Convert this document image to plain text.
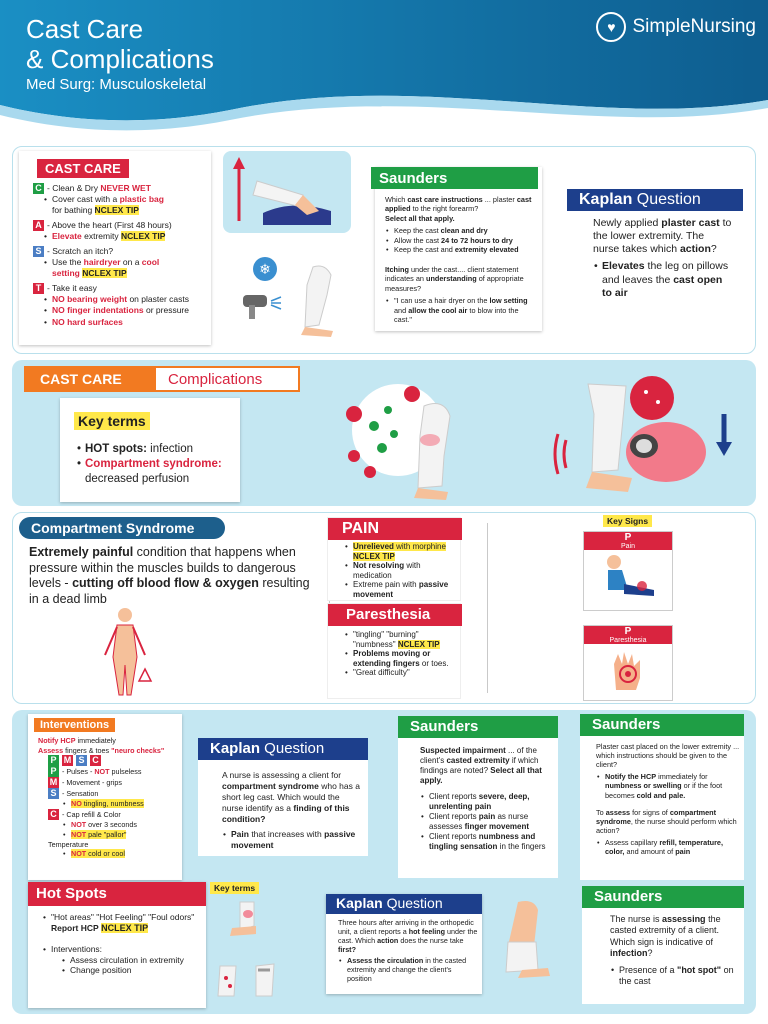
Cast Care
& Complications
Med Surg: Musculoskeletal
♥ SimpleNursing
CAST CARE
C - Clean & Dry NEVER WET
• Cover cast with a plastic bag
for bathing NCLEX TIP
A - Above the heart (First 48 hours)
• Elevate extremity NCLEX TIP
S - Scratch an itch?
• Use the hairdryer on a cool
setting NCLEX TIP
T - Take it easy
• NO bearing weight on plaster casts
• NO finger indentations or pressure
• NO hard surfaces
❄
Saunders
Which cast care instructions ... plaster cast applied to the right forearm?
Select all that apply.
• Keep the cast clean and dry
• Allow the cast 24 to 72 hours to dry
• Keep the cast and extremity elevated
Itching under the cast.... client statement indicates an understanding of appropriate measures?
• "I can use a hair dryer on the low setting and allow the cool air to blow into the cast."
Kaplan Question
Newly applied plaster cast to the lower extremity. The nurse takes which action?
• Elevates the leg on pillows and leaves the cast open to air
CAST CARE	Complications
Key terms
• HOT spots: infection
• Compartment syndrome: decreased perfusion
Compartment Syndrome
Extremely painful condition that happens when pressure within the muscles builds to dangerous levels - cutting off blood flow & oxygen resulting in a dead limb
PAIN
• Unrelieved with morphine NCLEX TIP
• Not resolving with medication
• Extreme pain with passive movement
Paresthesia
• "tingling" "burning" "numbness" NCLEX TIP
• Problems moving or extending fingers or toes.
• "Great difficulty"
Key Signs
P
Pain
P
Paresthesia
Interventions
Notify HCP immediately
Assess fingers & toes "neuro checks"
P M S C
P - Pulses - NOT pulseless
M - Movement - grips
S - Sensation
• NO tingling, numbness
C - Cap refill & Color
• NOT over 3 seconds
• NOT pale "pallor"
Temperature
• NOT cold or cool
Kaplan Question
A nurse is assessing a client for compartment syndrome who has a short leg cast. Which would the nurse identify as a finding of this condition?
• Pain that increases with passive movement
Saunders
Suspected impairment ... of the client's casted extremity if which findings are noted? Select all that apply.
• Client reports severe, deep, unrelenting pain
• Client reports pain as nurse assesses finger movement
• Client reports numbness and tingling sensation in the fingers
Saunders
Plaster cast placed on the lower extremity ... which instructions should be given to the client?
• Notify the HCP immediately for numbness or swelling or if the foot becomes cold and pale.
To assess for signs of compartment syndrome, the nurse should perform which action?
• Assess capillary refill, temperature, color, and amount of pain
Hot Spots
• "Hot areas" "Hot Feeling" "Foul odors"
Report HCP NCLEX TIP
• Interventions:
• Assess circulation in extremity
• Change position
Key terms
Kaplan Question
Three hours after arriving in the orthopedic unit, a client reports a hot feeling under the cast. Which action does the nurse take first?
• Assess the circulation in the casted extremity and change the client's position
Saunders
The nurse is assessing the casted extremity of a client. Which sign is indicative of infection?
• Presence of a "hot spot" on the cast
